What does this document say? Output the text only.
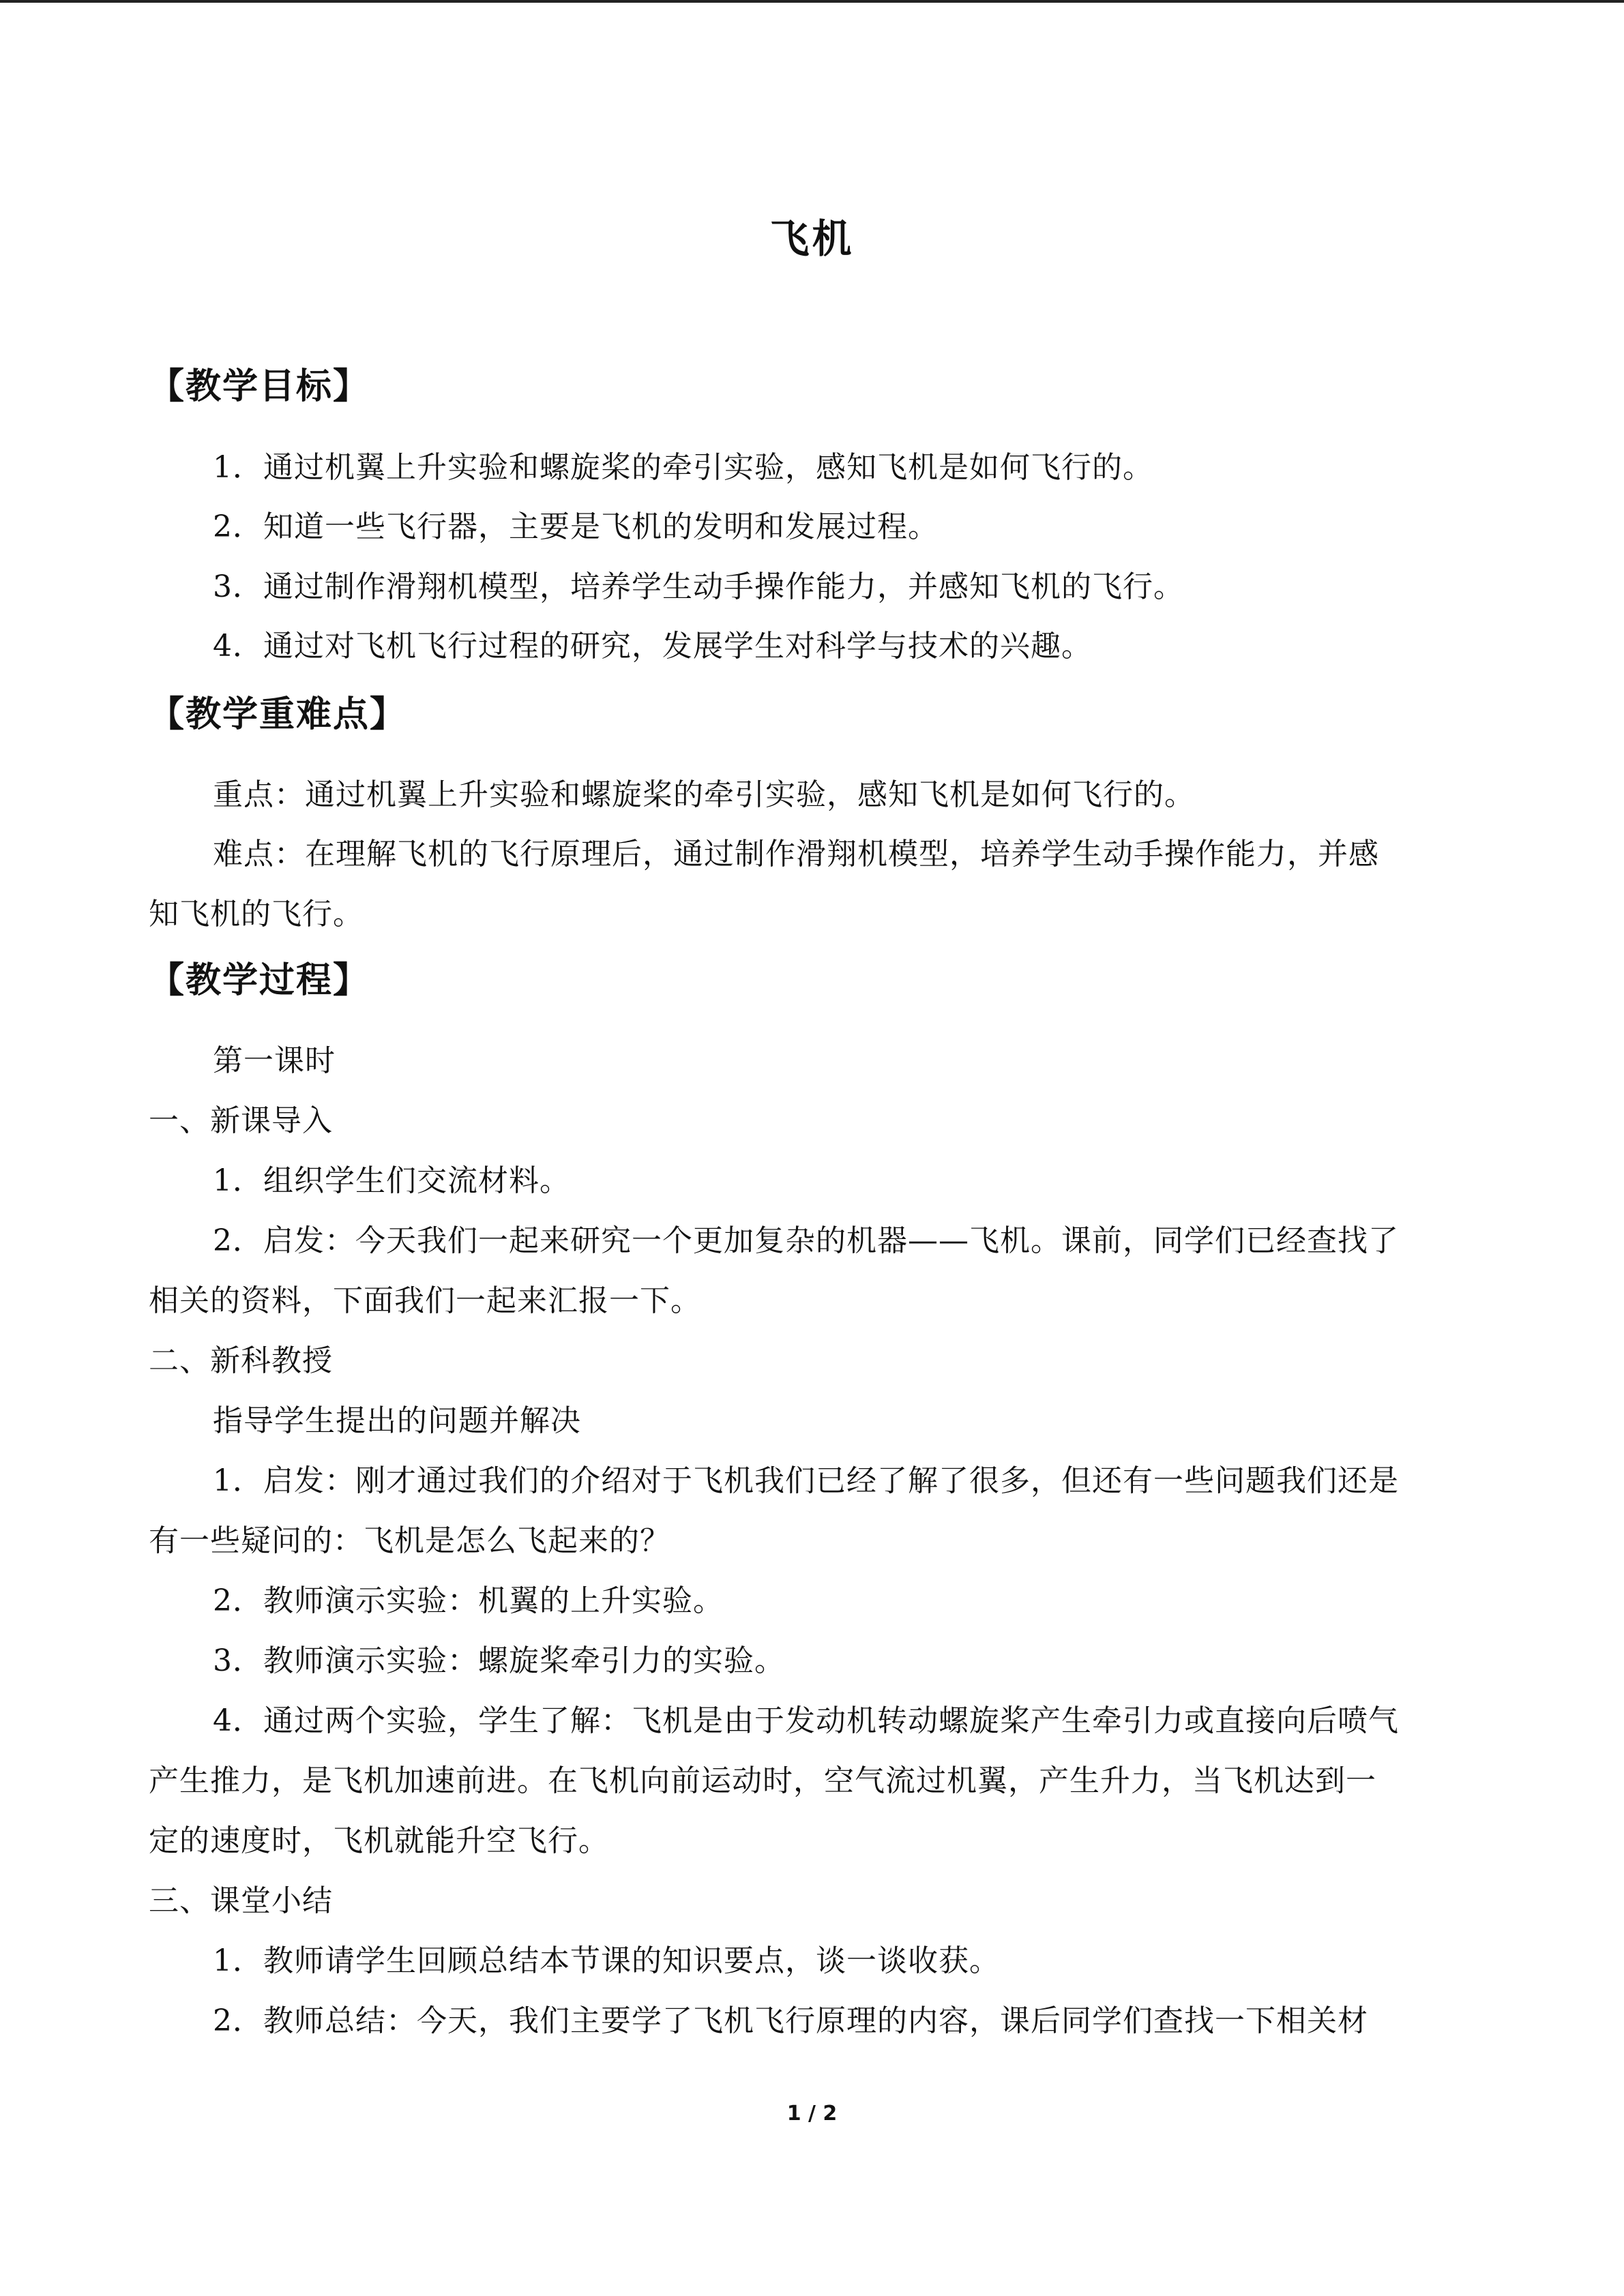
飞机
【教学目标】
1．通过机翼上升实验和螺旋桨的牵引实验，感知飞机是如何飞行的。
2．知道一些飞行器，主要是飞机的发明和发展过程。
3．通过制作滑翔机模型，培养学生动手操作能力，并感知飞机的飞行。
4．通过对飞机飞行过程的研究，发展学生对科学与技术的兴趣。
【教学重难点】
重点：通过机翼上升实验和螺旋桨的牵引实验，感知飞机是如何飞行的。
难点：在理解飞机的飞行原理后，通过制作滑翔机模型，培养学生动手操作能力，并感
知飞机的飞行。
【教学过程】
第一课时
一、新课导入
1．组织学生们交流材料。
2．启发：今天我们一起来研究一个更加复杂的机器——飞机。课前，同学们已经查找了
相关的资料，下面我们一起来汇报一下。
二、新科教授
指导学生提出的问题并解决
1．启发：刚才通过我们的介绍对于飞机我们已经了解了很多，但还有一些问题我们还是
有一些疑问的：飞机是怎么飞起来的？
2．教师演示实验：机翼的上升实验。
3．教师演示实验：螺旋桨牵引力的实验。
4．通过两个实验，学生了解：飞机是由于发动机转动螺旋桨产生牵引力或直接向后喷气
产生推力，是飞机加速前进。在飞机向前运动时，空气流过机翼，产生升力，当飞机达到一
定的速度时，飞机就能升空飞行。
三、课堂小结
1．教师请学生回顾总结本节课的知识要点，谈一谈收获。
2．教师总结：今天，我们主要学了飞机飞行原理的内容，课后同学们查找一下相关材
1 / 2
